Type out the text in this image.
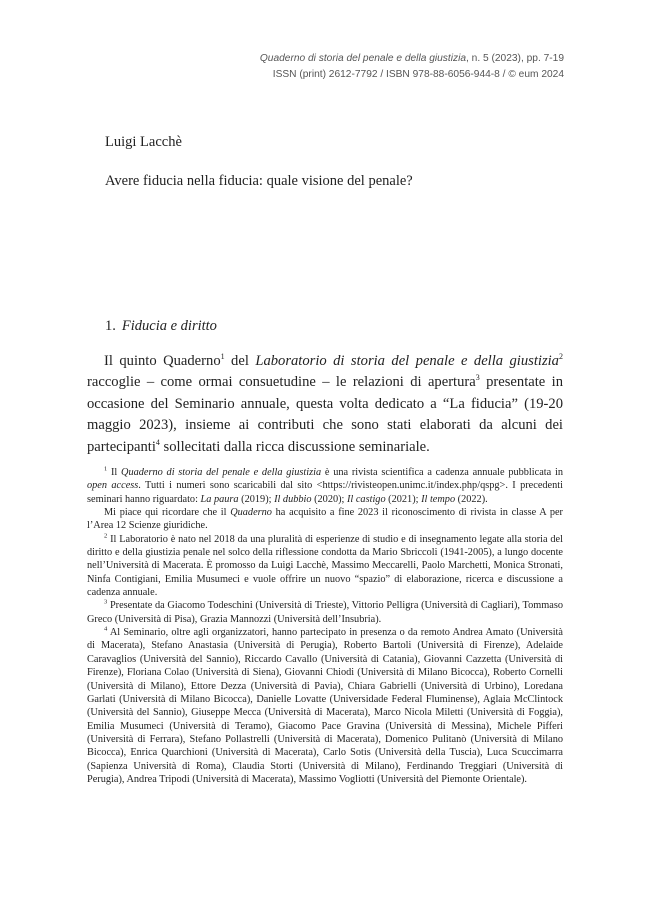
Quaderno di storia del penale e della giustizia, n. 5 (2023), pp. 7-19
ISSN (print) 2612-7792 / ISBN 978-88-6056-944-8 / © eum 2024
Luigi Lacchè
Avere fiducia nella fiducia: quale visione del penale?
1. Fiducia e diritto

Il quinto Quaderno$^1$ del Laboratorio di storia del penale e della giustizia$^2$ raccoglie – come ormai consuetudine – le relazioni di apertura$^3$ presentate in occasione del Seminario annuale, questa volta dedicato a “La fiducia” (19-20 maggio 2023), insieme ai contributi che sono stati elaborati da alcuni dei partecipanti$^4$ sollecitati dalla ricca discussione seminariale.

$^1$ Il Quaderno di storia del penale e della giustizia è una rivista scientifica a cadenza annuale pubblicata in open access. Tutti i numeri sono scaricabili dal sito <https://rivisteopen.unimc.it/index.php/qspg>. I precedenti seminari hanno riguardato: La paura (2019); Il dubbio (2020); Il castigo (2021); Il tempo (2022).

Mi piace qui ricordare che il Quaderno ha acquisito a fine 2023 il riconoscimento di rivista in classe A per l’Area 12 Scienze giuridiche.

$^2$ Il Laboratorio è nato nel 2018 da una pluralità di esperienze di studio e di insegnamento legate alla storia del diritto e della giustizia penale nel solco della riflessione condotta da Mario Sbriccoli (1941-2005), a lungo docente nell’Università di Macerata. È promosso da Luigi Lacchè, Massimo Meccarelli, Paolo Marchetti, Monica Stronati, Ninfa Contigiani, Emilia Musumeci e vuole offrire un nuovo “spazio” di elaborazione, ricerca e discussione a cadenza annuale.

$^3$ Presentate da Giacomo Todeschini (Università di Trieste), Vittorio Pelligra (Università di Cagliari), Tommaso Greco (Università di Pisa), Grazia Mannozzi (Università dell’Insubria).

$^4$ Al Seminario, oltre agli organizzatori, hanno partecipato in presenza o da remoto Andrea Amato (Università di Macerata), Stefano Anastasia (Università di Perugia), Roberto Bartoli (Università di Firenze), Adelaide Caravaglios (Università del Sannio), Riccardo Cavallo (Università di Catania), Giovanni Cazzetta (Università di Firenze), Floriana Colao (Università di Siena), Giovanni Chiodi (Università di Milano Bicocca), Roberto Cornelli (Università di Milano), Ettore Dezza (Università di Pavia), Chiara Gabrielli (Università di Urbino), Loredana Garlati (Università di Milano Bicocca), Danielle Lovatte (Universidade Federal Fluminense), Aglaia McClintock (Università del Sannio), Giuseppe Mecca (Università di Macerata), Marco Nicola Miletti (Università di Foggia), Emilia Musumeci (Università di Teramo), Giacomo Pace Gravina (Università di Messina), Michele Pifferi (Università di Ferrara), Stefano Pollastrelli (Università di Macerata), Domenico Pulitanò (Università di Milano Bicocca), Enrica Quarchioni (Università di Macerata), Carlo Sotis (Università della Tuscia), Luca Scuccimarra (Sapienza Università di Roma), Claudia Storti (Università di Milano), Ferdinando Treggiari (Università di Perugia), Andrea Tripodi (Università di Macerata), Massimo Vogliotti (Università del Piemonte Orientale).
